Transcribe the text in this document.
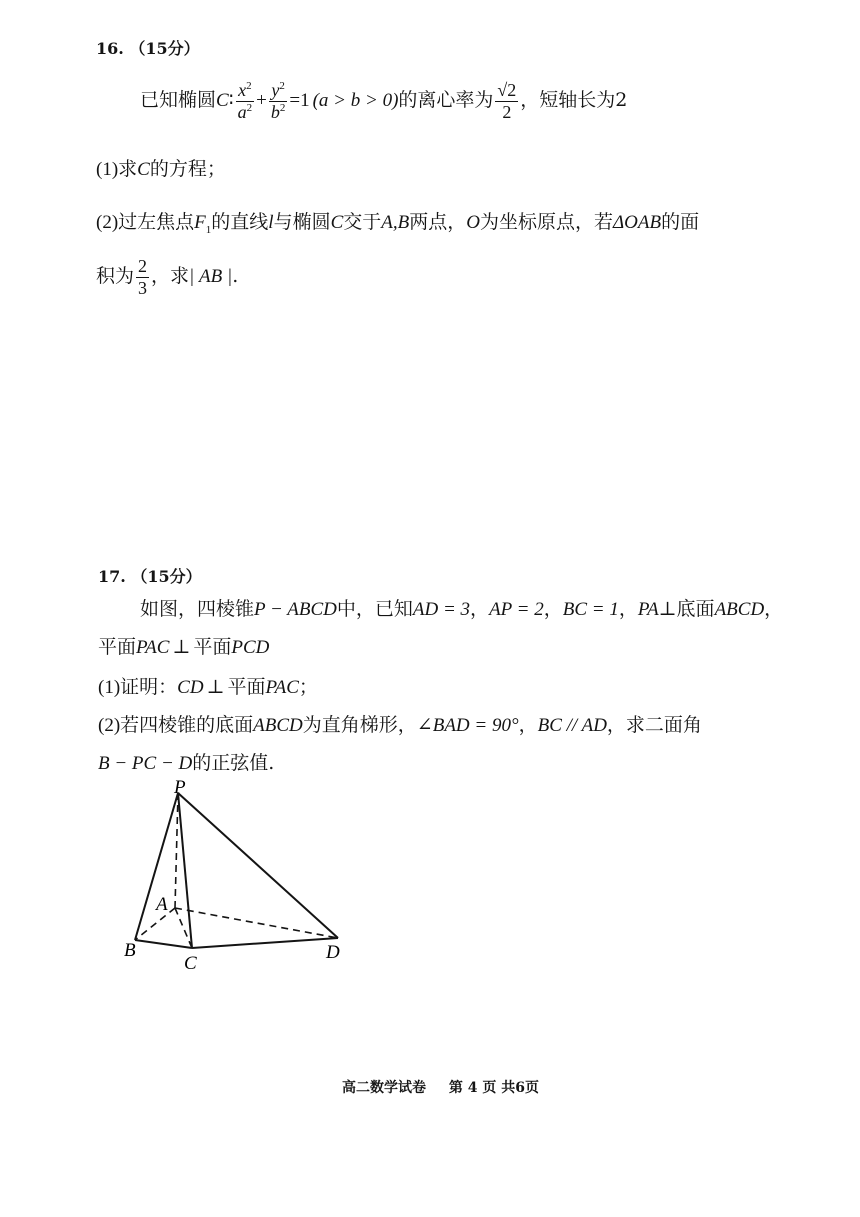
16. （15分）
已知椭圆C∶ $\frac{x^2}{a^2} + \frac{y^2}{b^2} =1$ (a > b > 0)的离心率为 $\frac{√2}{2}$ ，短轴长为2
(1)求C的方程；
(2)过左焦点$F_1$的直线l与椭圆C交于A,B两点，O为坐标原点，若ΔOAB的面
积为 $\frac{2}{3}$ ，求| AB |.
17. （15分）
如图，四棱锥P − ABCD中，已知AD = 3，AP = 2，BC = 1，PA⊥底面ABCD，
平面PAC ⊥ 平面PCD
(1)证明：CD ⊥ 平面PAC；
(2)若四棱锥的底面ABCD为直角梯形，∠BAD = 90°，BC // AD，求二面角
B − PC − D的正弦值.
P
A
B
C
D
高二数学试卷 第 4 页 共6页
